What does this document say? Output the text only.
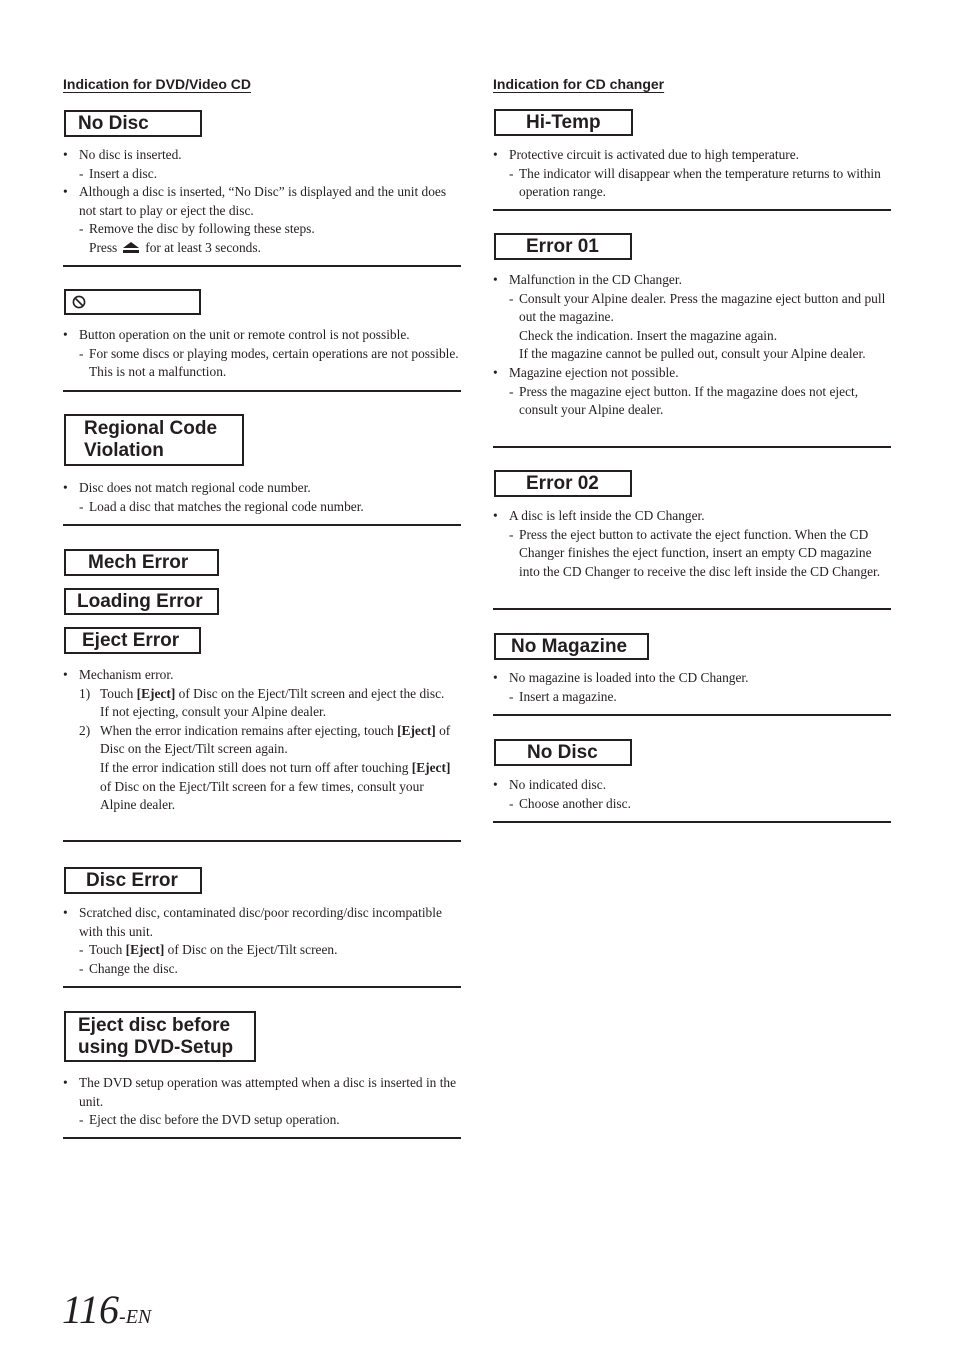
Indication for DVD/Video CD
No Disc
• No disc is inserted.
- Insert a disc.
• Although a disc is inserted, “No Disc” is displayed and the unit does not start to play or eject the disc.
- Remove the disc by following these steps.
Press for at least 3 seconds.
• Button operation on the unit or remote control is not possible.
- For some discs or playing modes, certain operations are not possible. This is not a malfunction.
Regional Code
Violation
• Disc does not match regional code number.
- Load a disc that matches the regional code number.
Mech Error
Loading Error
Eject Error
• Mechanism error.
1) Touch [Eject] of Disc on the Eject/Tilt screen and eject the disc.
If not ejecting, consult your Alpine dealer.
2) When the error indication remains after ejecting, touch [Eject] of Disc on the Eject/Tilt screen again.
If the error indication still does not turn off after touching [Eject] of Disc on the Eject/Tilt screen for a few times, consult your Alpine dealer.
Disc Error
• Scratched disc, contaminated disc/poor recording/disc incompatible with this unit.
- Touch [Eject] of Disc on the Eject/Tilt screen.
- Change the disc.
Eject disc before
using DVD-Setup
• The DVD setup operation was attempted when a disc is inserted in the unit.
- Eject the disc before the DVD setup operation.
Indication for CD changer
Hi-Temp
• Protective circuit is activated due to high temperature.
- The indicator will disappear when the temperature returns to within operation range.
Error 01
• Malfunction in the CD Changer.
- Consult your Alpine dealer. Press the magazine eject button and pull out the magazine.
Check the indication. Insert the magazine again.
If the magazine cannot be pulled out, consult your Alpine dealer.
• Magazine ejection not possible.
- Press the magazine eject button. If the magazine does not eject, consult your Alpine dealer.
Error 02
• A disc is left inside the CD Changer.
- Press the eject button to activate the eject function. When the CD Changer finishes the eject function, insert an empty CD magazine into the CD Changer to receive the disc left inside the CD Changer.
No Magazine
• No magazine is loaded into the CD Changer.
- Insert a magazine.
No Disc
• No indicated disc.
- Choose another disc.
116-EN
